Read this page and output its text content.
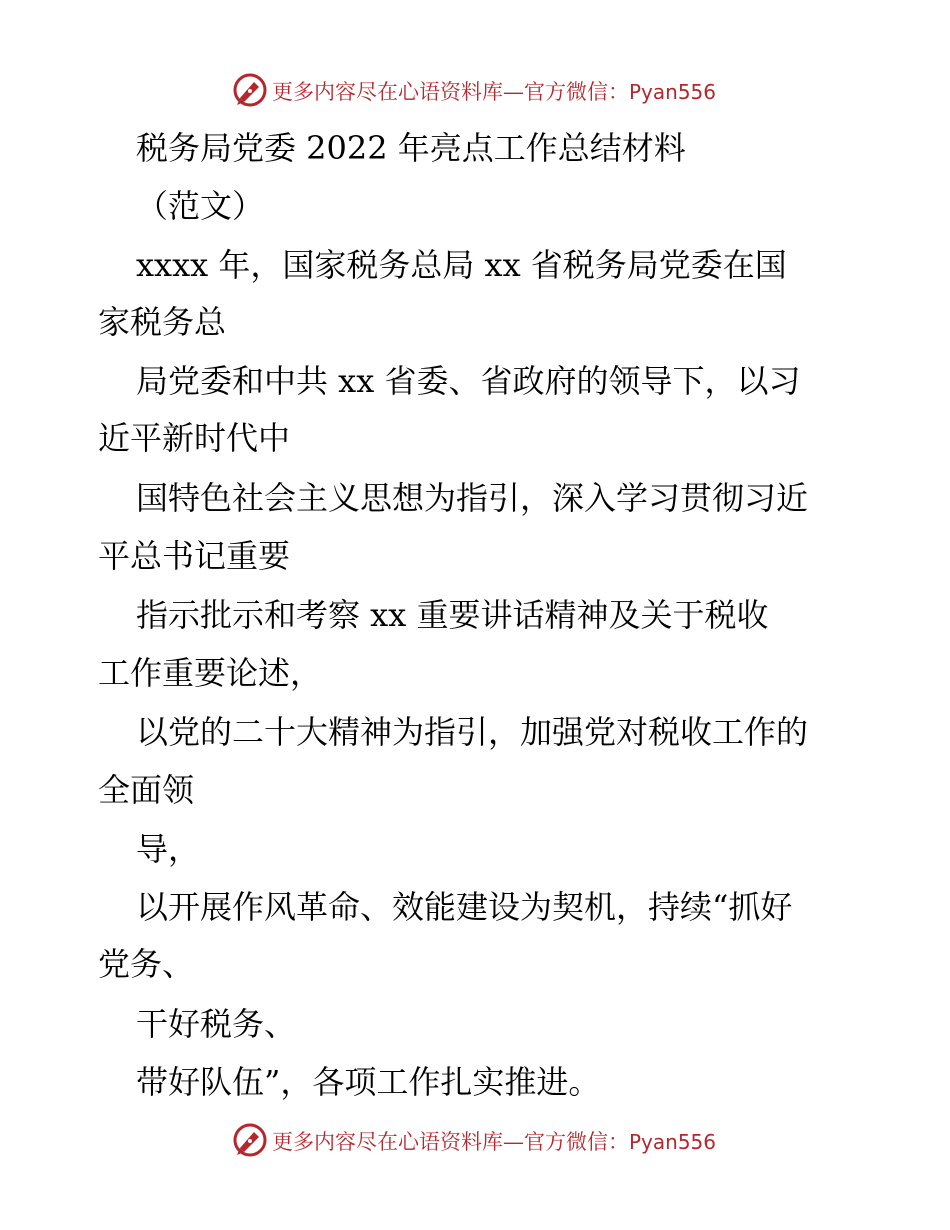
更多内容尽在心语资料库—官方微信：Pyan556
税务局党委 2022 年亮点工作总结材料
（范文）
xxxx 年，国家税务总局 xx 省税务局党委在国
家税务总
局党委和中共 xx 省委、省政府的领导下，以习
近平新时代中
国特色社会主义思想为指引，深入学习贯彻习近
平总书记重要
指示批示和考察 xx 重要讲话精神及关于税收
工作重要论述，
以党的二十大精神为指引，加强党对税收工作的
全面领
导，
以开展作风革命、效能建设为契机，持续“抓好
党务、
干好税务、
带好队伍”，各项工作扎实推进。
更多内容尽在心语资料库—官方微信：Pyan556
